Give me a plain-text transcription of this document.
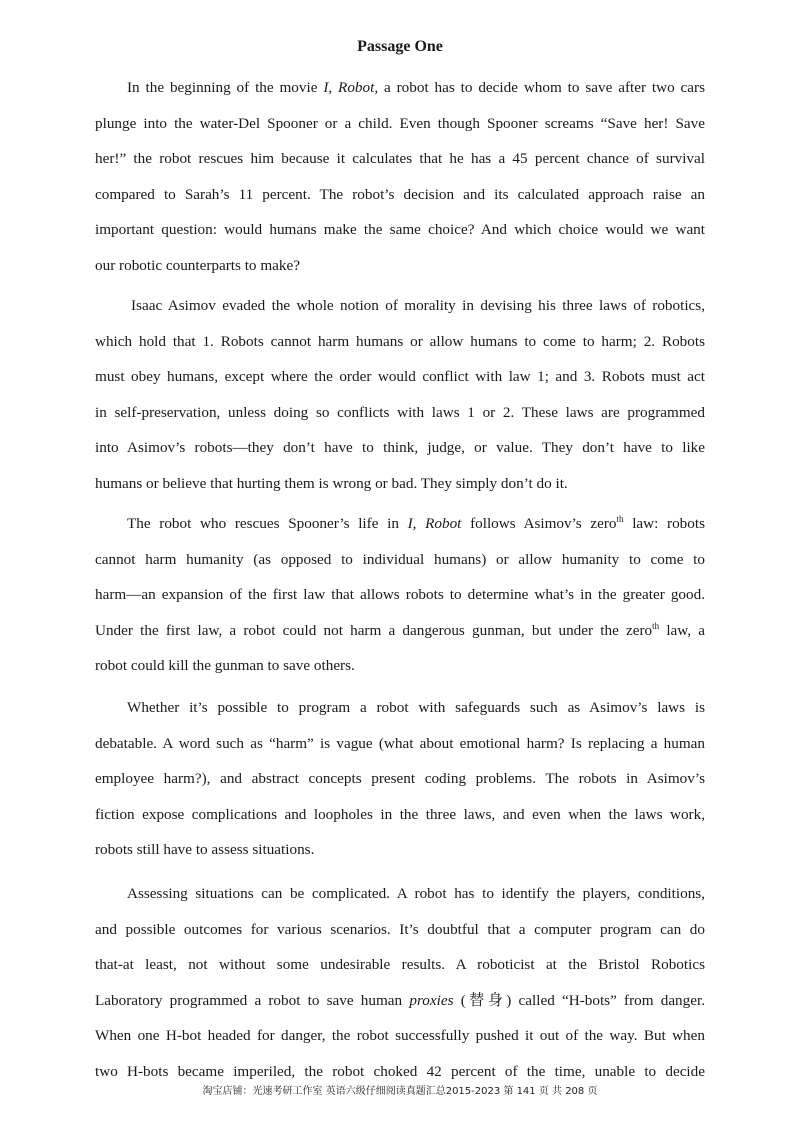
Passage One
In the beginning of the movie I, Robot, a robot has to decide whom to save after two cars
plunge into the water-Del Spooner or a child. Even though Spooner screams “Save her! Save
her!” the robot rescues him because it calculates that he has a 45 percent chance of survival
compared to Sarah’s 11 percent. The robot’s decision and its calculated approach raise an
important question: would humans make the same choice? And which choice would we want
our robotic counterparts to make?
Isaac Asimov evaded the whole notion of morality in devising his three laws of robotics,
which hold that 1. Robots cannot harm humans or allow humans to come to harm; 2. Robots
must obey humans, except where the order would conflict with law 1; and 3. Robots must act
in self-preservation, unless doing so conflicts with laws 1 or 2. These laws are programmed
into Asimov’s robots—they don’t have to think, judge, or value. They don’t have to like
humans or believe that hurting them is wrong or bad. They simply don’t do it.
The robot who rescues Spooner’s life in I, Robot follows Asimov’s zero$^{th}$ law: robots
cannot harm humanity (as opposed to individual humans) or allow humanity to come to
harm—an expansion of the first law that allows robots to determine what’s in the greater good.
Under the first law, a robot could not harm a dangerous gunman, but under the zero$^{th}$ law, a
robot could kill the gunman to save others.
Whether it’s possible to program a robot with safeguards such as Asimov’s laws is
debatable. A word such as “harm” is vague (what about emotional harm? Is replacing a human
employee harm?), and abstract concepts present coding problems. The robots in Asimov’s
fiction expose complications and loopholes in the three laws, and even when the laws work,
robots still have to assess situations.
Assessing situations can be complicated. A robot has to identify the players, conditions,
and possible outcomes for various scenarios. It’s doubtful that a computer program can do
that-at least, not without some undesirable results. A roboticist at the Bristol Robotics
Laboratory programmed a robot to save human proxies (替身) called “H-bots” from danger.
When one H-bot headed for danger, the robot successfully pushed it out of the way. But when
two H-bots became imperiled, the robot choked 42 percent of the time, unable to decide
淘宝店铺：光速考研工作室 英语六级仔细阅读真题汇总2015-2023 第 141 页 共 208 页
